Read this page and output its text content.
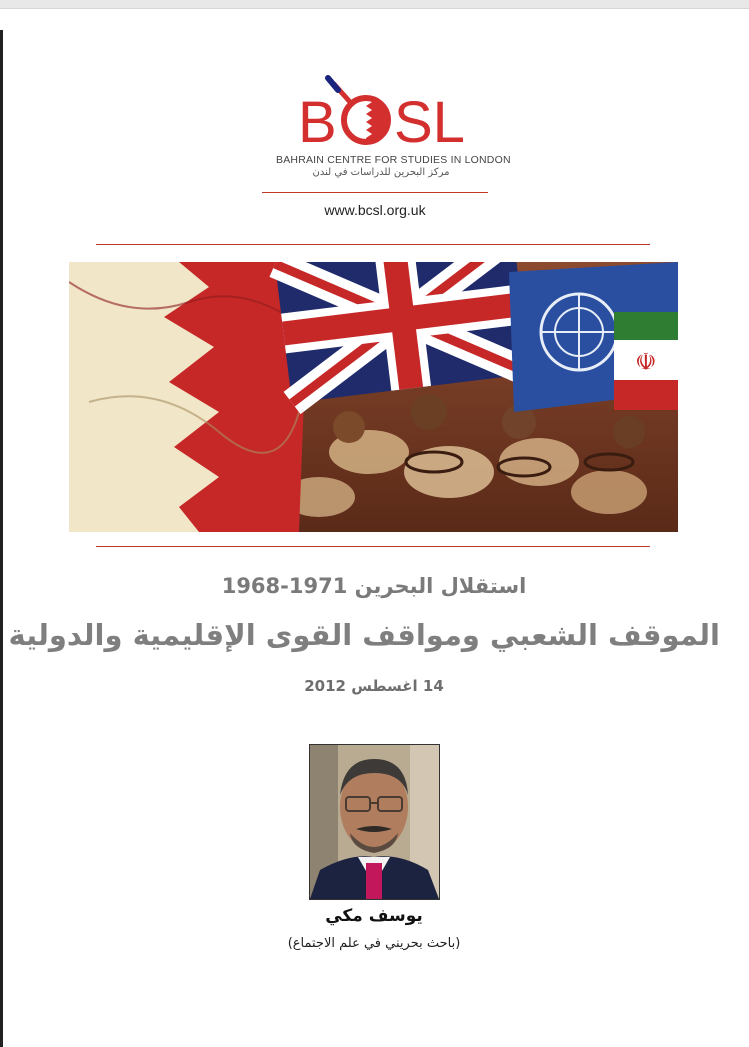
B SL
BAHRAIN CENTRE FOR STUDIES IN LONDON
مركز البحرين للدراسات في لندن
www.bcsl.org.uk
☫
استقلال البحرين 1971-1968
الموقف الشعبي ومواقف القوى الإقليمية والدولية
14 اغسطس 2012
يوسف مكي
(باحث بحريني في علم الاجتماع)
